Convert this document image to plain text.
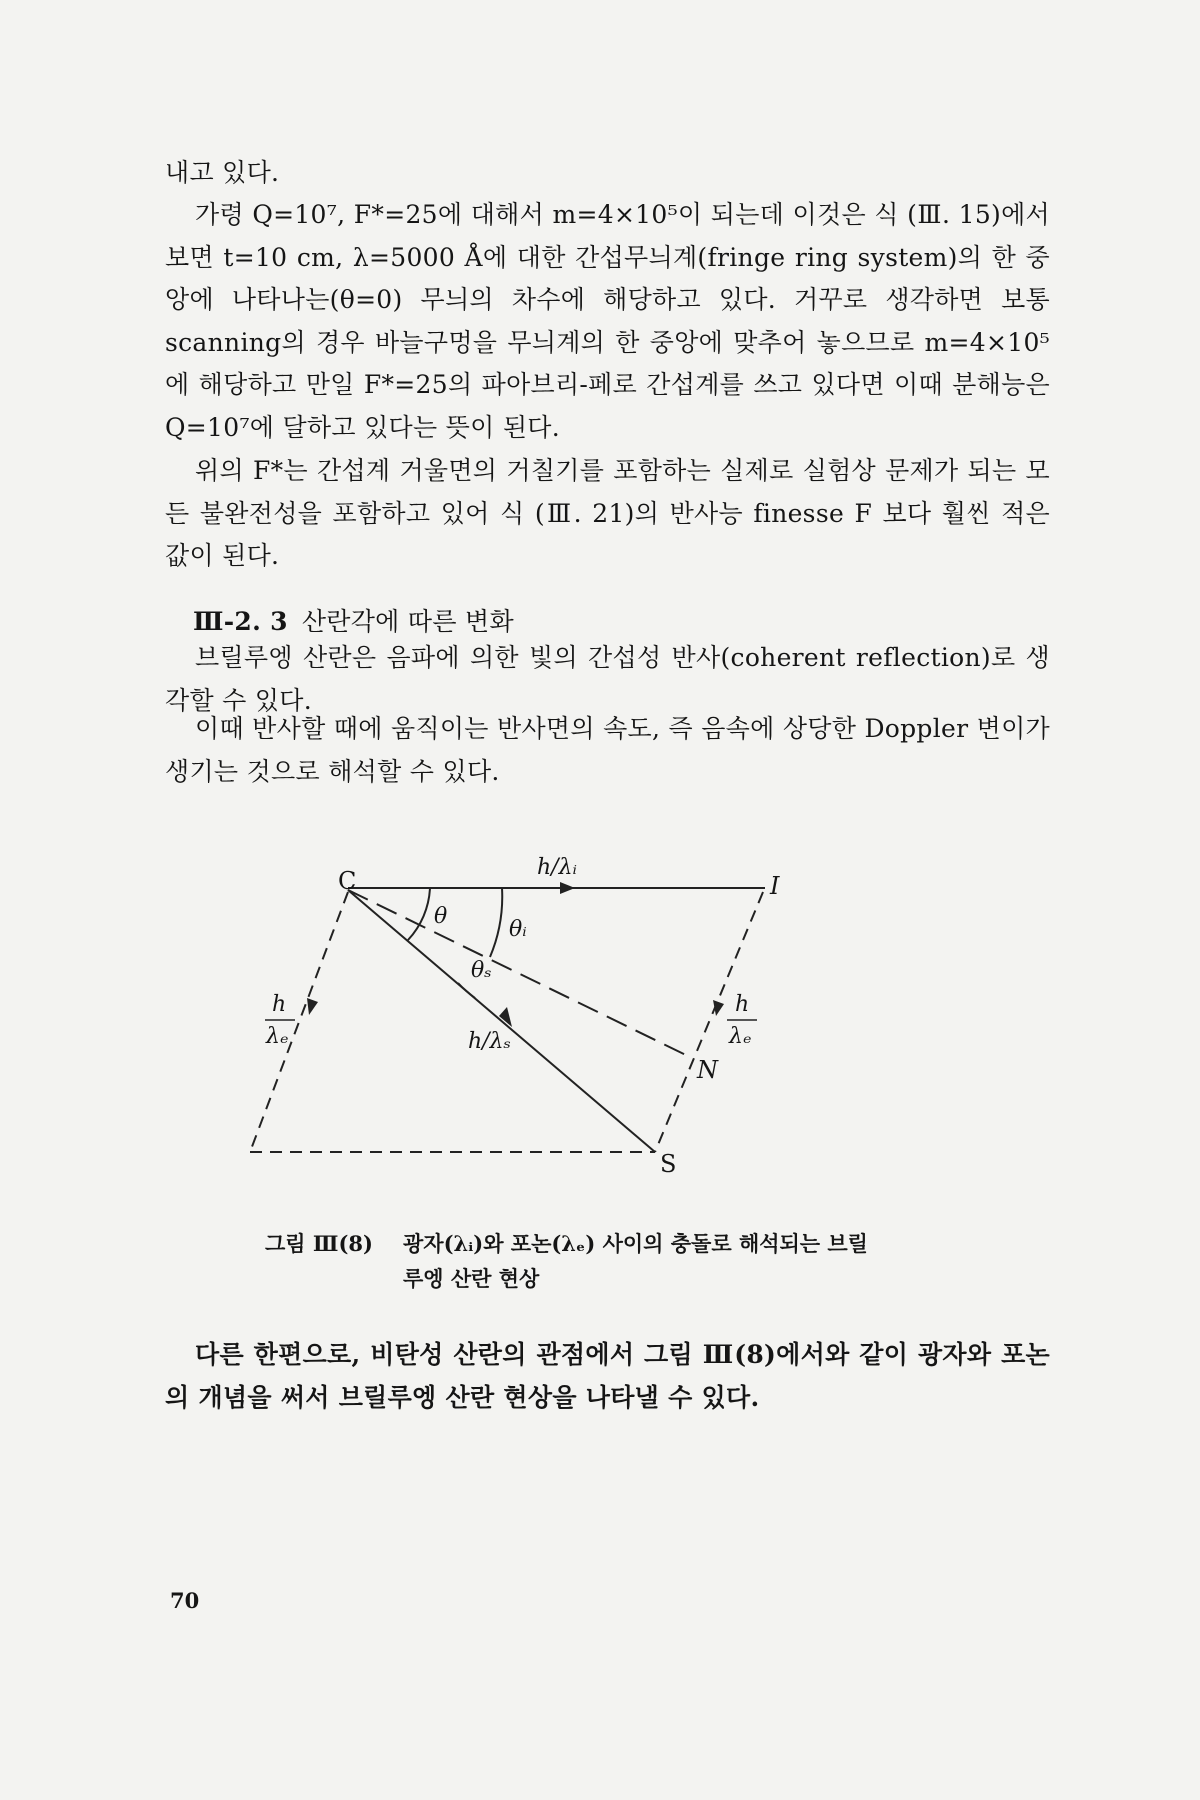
내고 있다.
가령 Q=10⁷, F*=25에 대해서 m=4×10⁵이 되는데 이것은 식 (Ⅲ. 15)에서 보면 t=10 cm, λ=5000 Å에 대한 간섭무늬계(fringe ring system)의 한 중앙에 나타나는(θ=0) 무늬의 차수에 해당하고 있다. 거꾸로 생각하면 보통 scanning의 경우 바늘구멍을 무늬계의 한 중앙에 맞추어 놓으므로 m=4×10⁵에 해당하고 만일 F*=25의 파아브리-페로 간섭계를 쓰고 있다면 이때 분해능은 Q=10⁷에 달하고 있다는 뜻이 된다.
위의 F*는 간섭계 거울면의 거칠기를 포함하는 실제로 실험상 문제가 되는 모든 불완전성을 포함하고 있어 식 (Ⅲ. 21)의 반사능 finesse F 보다 훨씬 적은 값이 된다.
Ⅲ-2. 3 산란각에 따른 변화
브릴루엥 산란은 음파에 의한 빛의 간섭성 반사(coherent reflection)로 생각할 수 있다.
이때 반사할 때에 움직이는 반사면의 속도, 즉 음속에 상당한 Doppler 변이가 생기는 것으로 해석할 수 있다.
C	I
N
S
h/λᵢ
h/λₛ
h
λₑ
h
λₑ
θ
θᵢ
θₛ
그림 Ⅲ(8) 광자(λᵢ)와 포논(λₑ) 사이의 충돌로 해석되는 브릴
루엥 산란 현상
다른 한편으로, 비탄성 산란의 관점에서 그림 Ⅲ(8)에서와 같이 광자와 포논의 개념을 써서 브릴루엥 산란 현상을 나타낼 수 있다.
70
